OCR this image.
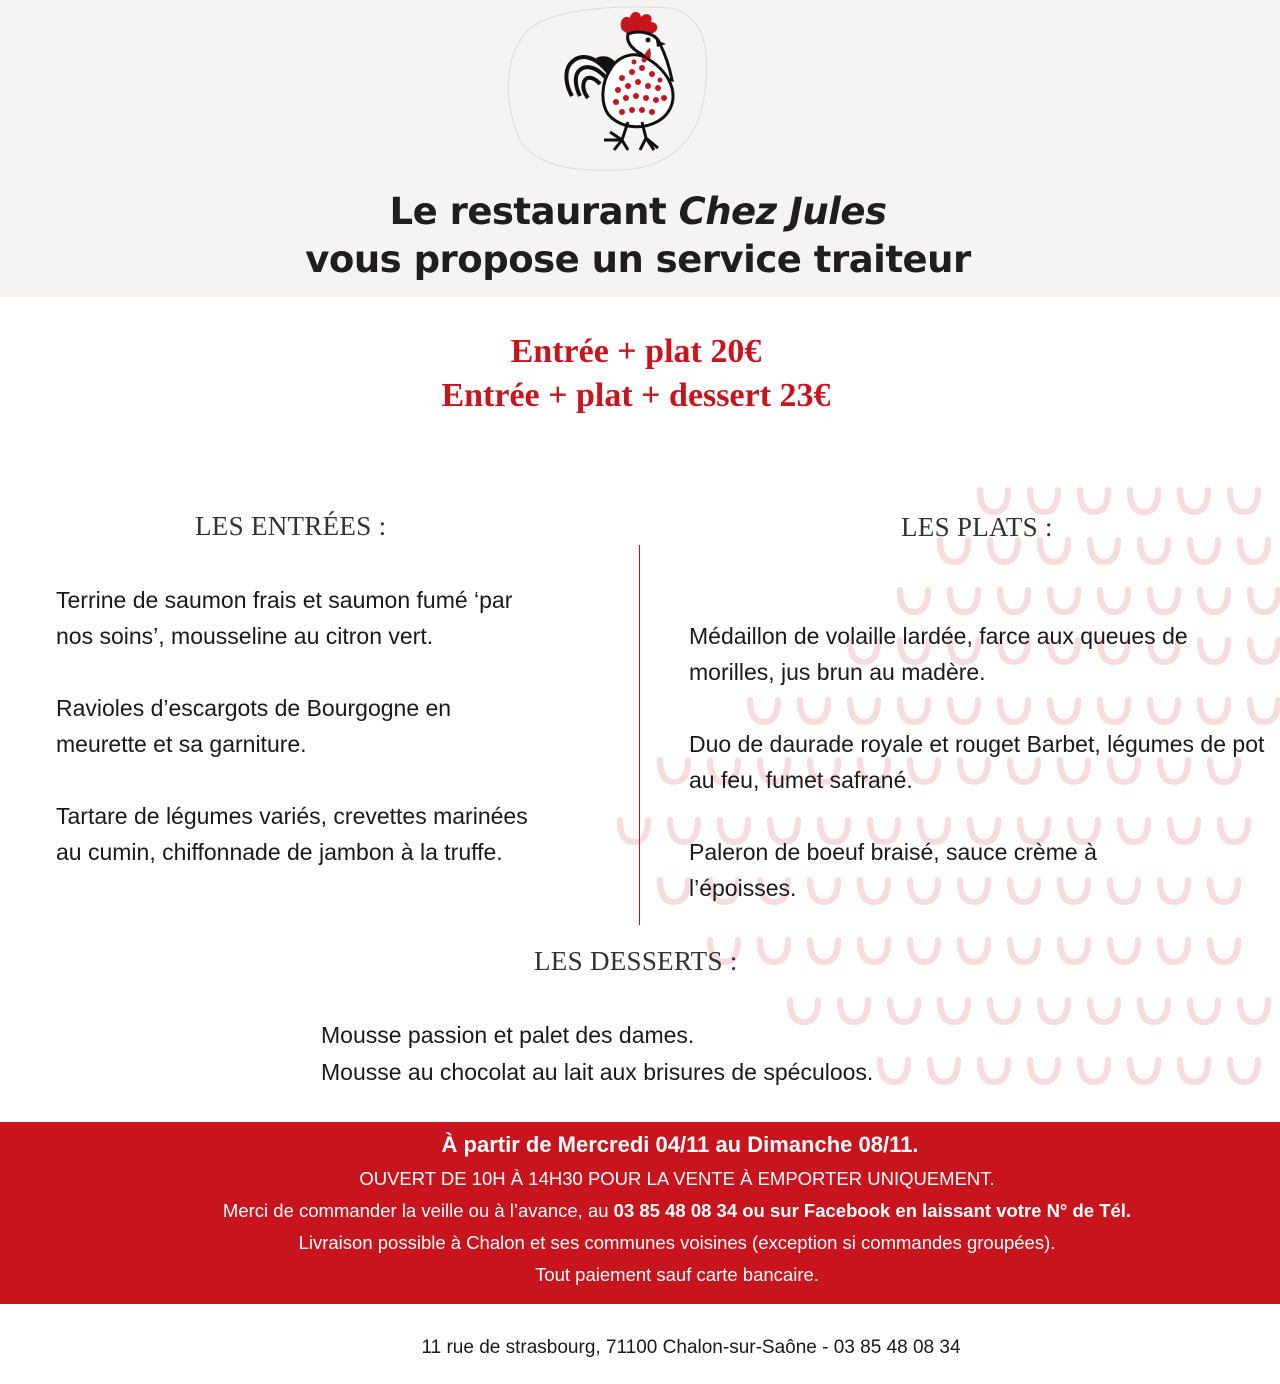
Le restaurant Chez Jules
vous propose un service traiteur
Entrée + plat 20€
Entrée + plat + dessert 23€
LES ENTRÉES :	LES PLATS :
Terrine de saumon frais et saumon fumé ‘par nos soins’, mousseline au citron vert.
Ravioles d’escargots de Bourgogne en meurette et sa garniture.
Tartare de légumes variés, crevettes marinées au cumin, chiffonnade de jambon à la truffe.
Médaillon de volaille lardée, farce aux queues de morilles, jus brun au madère.
Duo de daurade royale et rouget Barbet, légumes de pot au feu, fumet safrané.
Paleron de boeuf braisé, sauce crème à l’époisses.
LES DESSERTS :
Mousse passion et palet des dames.
Mousse au chocolat au lait aux brisures de spéculoos.
À partir de Mercredi 04/11 au Dimanche 08/11.
OUVERT DE 10H À 14H30 POUR LA VENTE À EMPORTER UNIQUEMENT.
Merci de commander la veille ou à l’avance, au 03 85 48 08 34 ou sur Facebook en laissant votre N° de Tél.
Livraison possible à Chalon et ses communes voisines (exception si commandes groupées).
Tout paiement sauf carte bancaire.
11 rue de strasbourg, 71100 Chalon-sur-Saône - 03 85 48 08 34
